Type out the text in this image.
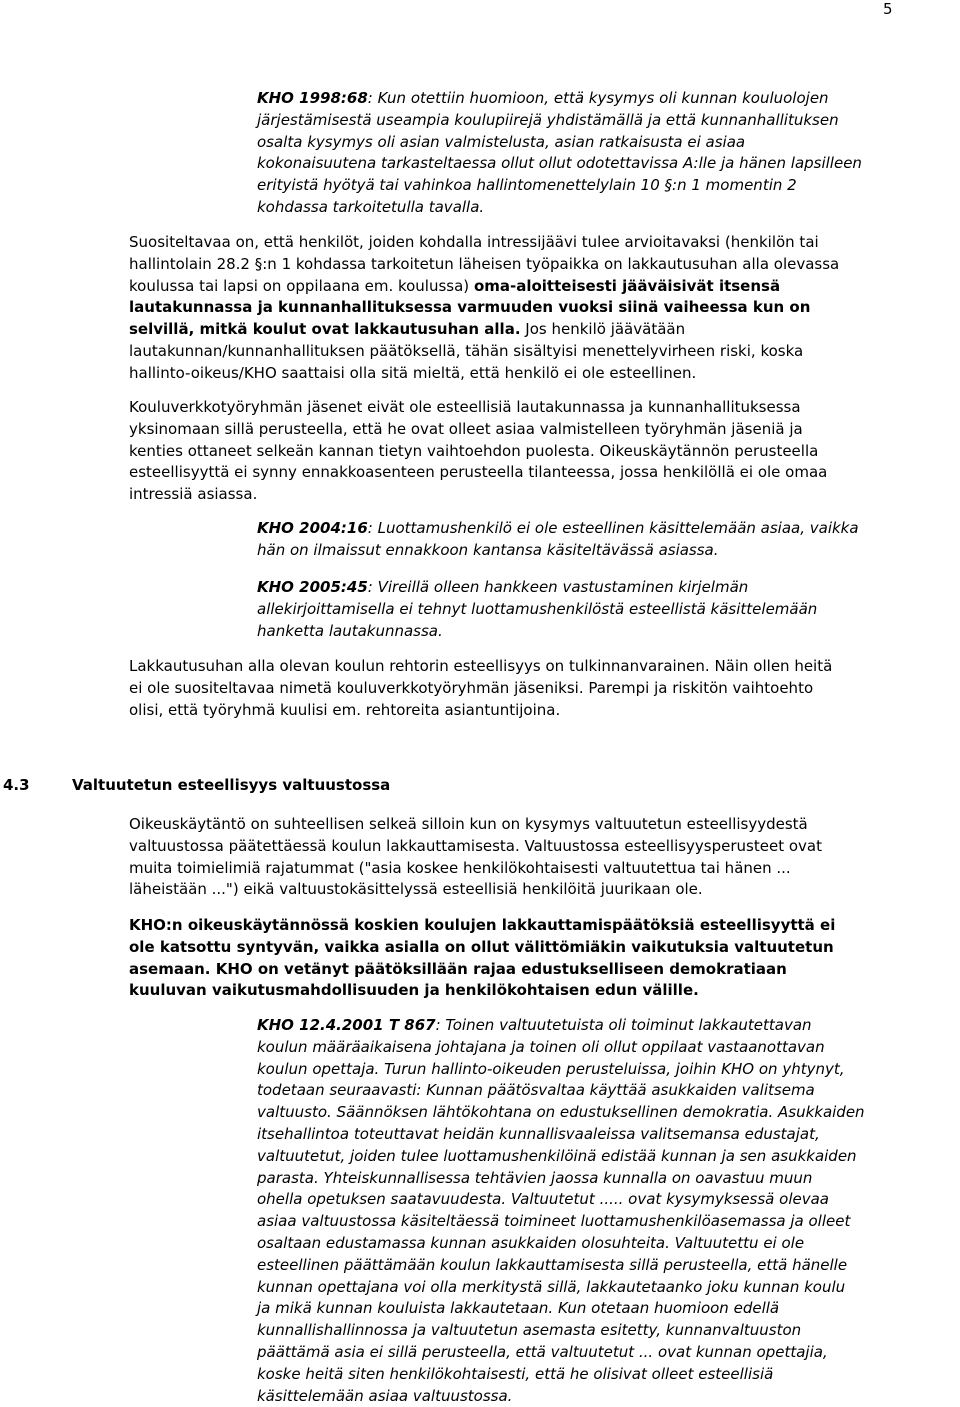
5
KHO 1998:68: Kun otettiin huomioon, että kysymys oli kunnan kouluolojen
järjestämisestä useampia koulupiirejä yhdistämällä ja että kunnanhallituksen
osalta kysymys oli asian valmistelusta, asian ratkaisusta ei asiaa
kokonaisuutena tarkasteltaessa ollut ollut odotettavissa A:lle ja hänen lapsilleen
erityistä hyötyä tai vahinkoa hallintomenettelylain 10 §:n 1 momentin 2
kohdassa tarkoitetulla tavalla.
Suositeltavaa on, että henkilöt, joiden kohdalla intressijäävi tulee arvioitavaksi (henkilön tai
hallintolain 28.2 §:n 1 kohdassa tarkoitetun läheisen työpaikka on lakkautusuhan alla olevassa
koulussa tai lapsi on oppilaana em. koulussa) oma-aloitteisesti jääväisivät itsensä
lautakunnassa ja kunnanhallituksessa varmuuden vuoksi siinä vaiheessa kun on
selvillä, mitkä koulut ovat lakkautusuhan alla. Jos henkilö jäävätään
lautakunnan/kunnanhallituksen päätöksellä, tähän sisältyisi menettelyvirheen riski, koska
hallinto-oikeus/KHO saattaisi olla sitä mieltä, että henkilö ei ole esteellinen.
Kouluverkkotyöryhmän jäsenet eivät ole esteellisiä lautakunnassa ja kunnanhallituksessa
yksinomaan sillä perusteella, että he ovat olleet asiaa valmistelleen työryhmän jäseniä ja
kenties ottaneet selkeän kannan tietyn vaihtoehdon puolesta. Oikeuskäytännön perusteella
esteellisyyttä ei synny ennakkoasenteen perusteella tilanteessa, jossa henkilöllä ei ole omaa
intressiä asiassa.
KHO 2004:16: Luottamushenkilö ei ole esteellinen käsittelemään asiaa, vaikka
hän on ilmaissut ennakkoon kantansa käsiteltävässä asiassa.
KHO 2005:45: Vireillä olleen hankkeen vastustaminen kirjelmän
allekirjoittamisella ei tehnyt luottamushenkilöstä esteellistä käsittelemään
hanketta lautakunnassa.
Lakkautusuhan alla olevan koulun rehtorin esteellisyys on tulkinnanvarainen. Näin ollen heitä
ei ole suositeltavaa nimetä kouluverkkotyöryhmän jäseniksi. Parempi ja riskitön vaihtoehto
olisi, että työryhmä kuulisi em. rehtoreita asiantuntijoina.
4.3	Valtuutetun esteellisyys valtuustossa
Oikeuskäytäntö on suhteellisen selkeä silloin kun on kysymys valtuutetun esteellisyydestä
valtuustossa päätettäessä koulun lakkauttamisesta. Valtuustossa esteellisyysperusteet ovat
muita toimielimiä rajatummat ("asia koskee henkilökohtaisesti valtuutettua tai hänen ...
läheistään ...") eikä valtuustokäsittelyssä esteellisiä henkilöitä juurikaan ole.
KHO:n oikeuskäytännössä koskien koulujen lakkauttamispäätöksiä esteellisyyttä ei
ole katsottu syntyvän, vaikka asialla on ollut välittömiäkin vaikutuksia valtuutetun
asemaan. KHO on vetänyt päätöksillään rajaa edustukselliseen demokratiaan
kuuluvan vaikutusmahdollisuuden ja henkilökohtaisen edun välille.
KHO 12.4.2001 T 867: Toinen valtuutetuista oli toiminut lakkautettavan
koulun määräaikaisena johtajana ja toinen oli ollut oppilaat vastaanottavan
koulun opettaja. Turun hallinto-oikeuden perusteluissa, joihin KHO on yhtynyt,
todetaan seuraavasti: Kunnan päätösvaltaa käyttää asukkaiden valitsema
valtuusto. Säännöksen lähtökohtana on edustuksellinen demokratia. Asukkaiden
itsehallintoa toteuttavat heidän kunnallisvaaleissa valitsemansa edustajat,
valtuutetut, joiden tulee luottamushenkilöinä edistää kunnan ja sen asukkaiden
parasta. Yhteiskunnallisessa tehtävien jaossa kunnalla on oavastuu muun
ohella opetuksen saatavuudesta. Valtuutetut ..... ovat kysymyksessä olevaa
asiaa valtuustossa käsiteltäessä toimineet luottamushenkilöasemassa ja olleet
osaltaan edustamassa kunnan asukkaiden olosuhteita. Valtuutettu ei ole
esteellinen päättämään koulun lakkauttamisesta sillä perusteella, että hänelle
kunnan opettajana voi olla merkitystä sillä, lakkautetaanko joku kunnan koulu
ja mikä kunnan kouluista lakkautetaan. Kun otetaan huomioon edellä
kunnallishallinnossa ja valtuutetun asemasta esitetty, kunnanvaltuuston
päättämä asia ei sillä perusteella, että valtuutetut ... ovat kunnan opettajia,
koske heitä siten henkilökohtaisesti, että he olisivat olleet esteellisiä
käsittelemään asiaa valtuustossa.
